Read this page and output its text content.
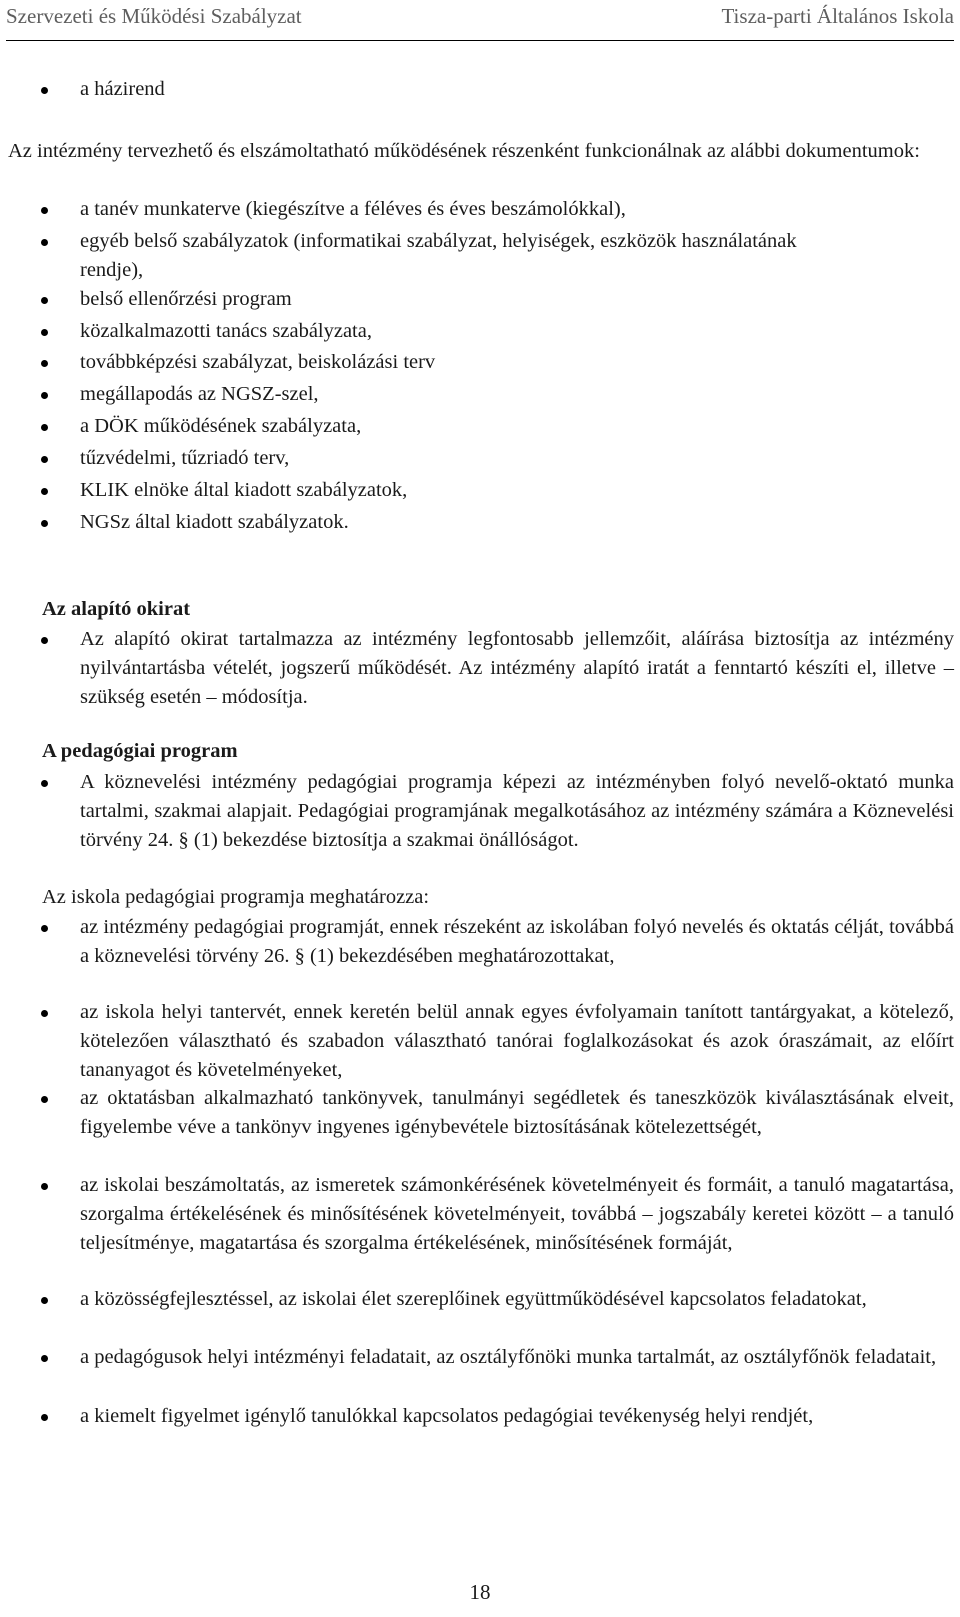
Szervezeti és Működési Szabályzat	Tisza-parti Általános Iskola
a házirend

Az intézmény tervezhető és elszámoltatható működésének részenként funkcionálnak az alábbi dokumentumok:

a tanév munkaterve (kiegészítve a féléves és éves beszámolókkal),
egyéb belső szabályzatok (informatikai szabályzat, helyiségek, eszközök használatának rendje),
belső ellenőrzési program
közalkalmazotti tanács szabályzata,
továbbképzési szabályzat, beiskolázási terv
megállapodás az NGSZ-szel,
a DÖK működésének szabályzata,
tűzvédelmi, tűzriadó terv,
KLIK elnöke által kiadott szabályzatok,
NGSz által kiadott szabályzatok.

Az alapító okirat

Az alapító okirat tartalmazza az intézmény legfontosabb jellemzőit, aláírása biztosítja az intézmény nyilvántartásba vételét, jogszerű működését. Az intézmény alapító iratát a fenntartó készíti el, illetve – szükség esetén – módosítja.

A pedagógiai program

A köznevelési intézmény pedagógiai programja képezi az intézményben folyó nevelő-oktató munka tartalmi, szakmai alapjait. Pedagógiai programjának megalkotásához az intézmény számára a Köznevelési törvény 24. § (1) bekezdése biztosítja a szakmai önállóságot.

Az iskola pedagógiai programja meghatározza:

az intézmény pedagógiai programját, ennek részeként az iskolában folyó nevelés és oktatás célját, továbbá a köznevelési törvény 26. § (1) bekezdésében meghatározottakat,
az iskola helyi tantervét, ennek keretén belül annak egyes évfolyamain tanított tantárgyakat, a kötelező, kötelezően választható és szabadon választható tanórai foglalkozásokat és azok óraszámait, az előírt tananyagot és követelményeket,
az oktatásban alkalmazható tankönyvek, tanulmányi segédletek és taneszközök kiválasztásának elveit, figyelembe véve a tankönyv ingyenes igénybevétele biztosításának kötelezettségét,
az iskolai beszámoltatás, az ismeretek számonkérésének követelményeit és formáit, a tanuló magatartása, szorgalma értékelésének és minősítésének követelményeit, továbbá – jogszabály keretei között – a tanuló teljesítménye, magatartása és szorgalma értékelésének, minősítésének formáját,
a közösségfejlesztéssel, az iskolai élet szereplőinek együttműködésével kapcsolatos feladatokat,
a pedagógusok helyi intézményi feladatait, az osztályfőnöki munka tartalmát, az osztályfőnök feladatait,
a kiemelt figyelmet igénylő tanulókkal kapcsolatos pedagógiai tevékenység helyi rendjét,
18
